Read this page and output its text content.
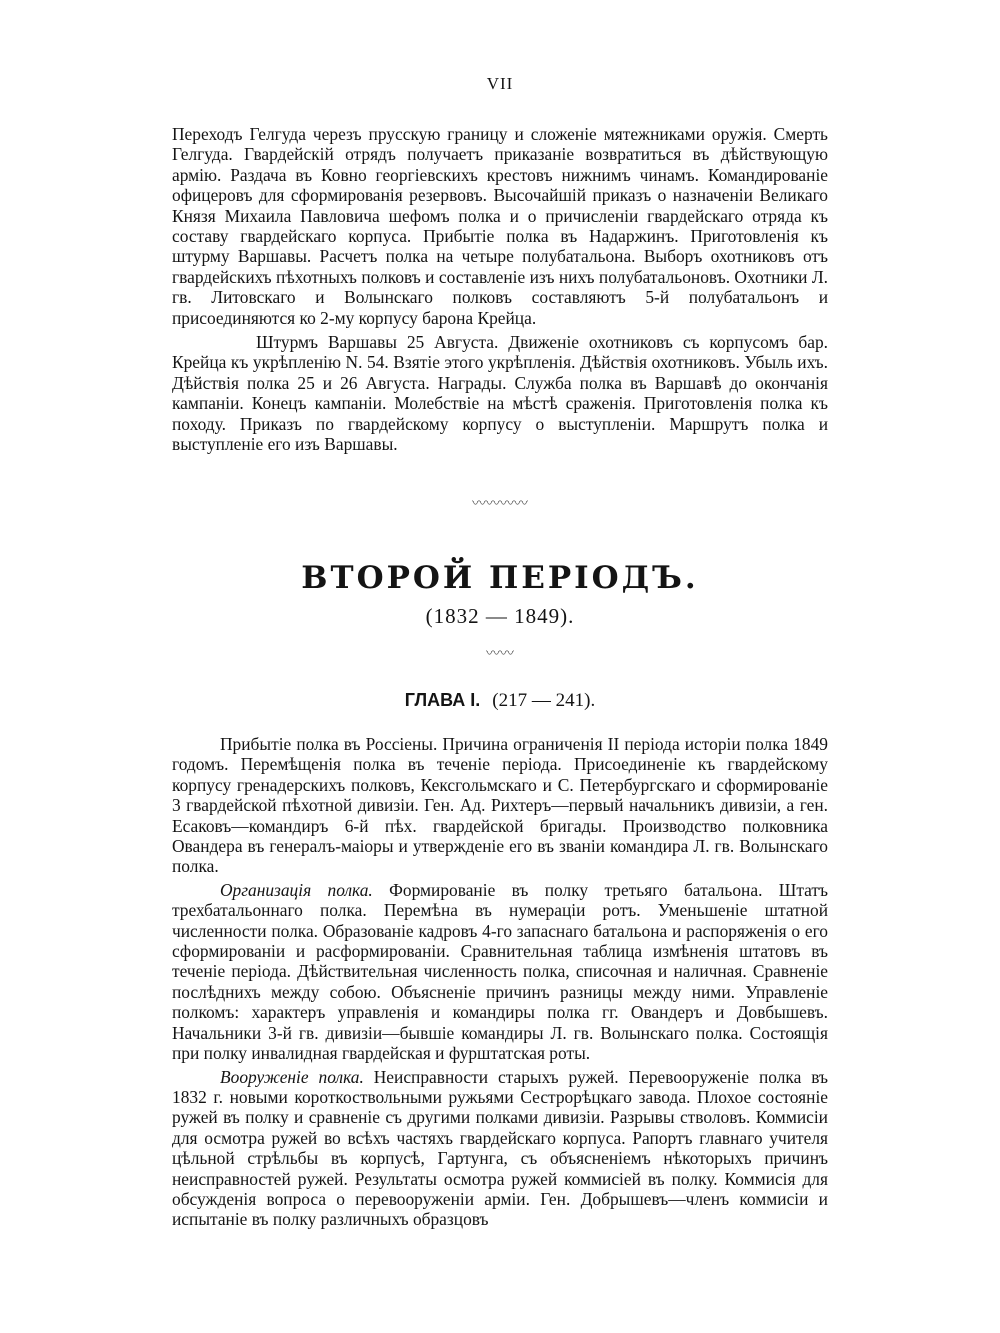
VII

Переходъ Гелгуда черезъ прусскую границу и сложеніе мятежниками оружія. Смерть Гелгуда. Гвардейскій отрядъ получаетъ приказаніе возвратиться въ дѣйствующую армію. Раздача въ Ковно георгіевскихъ крестовъ нижнимъ чинамъ. Командированіе офицеровъ для сформированія резервовъ. Высочайшій приказъ о назначеніи Великаго Князя Михаила Павловича шефомъ полка и о причисленіи гвардейскаго отряда къ составу гвардейскаго корпуса. Прибытіе полка въ Надаржинъ. Приготовленія къ штурму Варшавы. Расчетъ полка на четыре полубатальона. Выборъ охотниковъ отъ гвардейскихъ пѣхотныхъ полковъ и составленіе изъ нихъ полубатальоновъ. Охотники Л. гв. Литовскаго и Волынскаго полковъ составляютъ 5-й полубатальонъ и присоединяются ко 2-му корпусу барона Крейца.

Штурмъ Варшавы 25 Августа. Движеніе охотниковъ съ корпусомъ бар. Крейца къ укрѣпленію N. 54. Взятіе этого укрѣпленія. Дѣйствія охотниковъ. Убыль ихъ. Дѣйствія полка 25 и 26 Августа. Награды. Служба полка въ Варшавѣ до окончанія кампаніи. Конецъ кампаніи. Молебствіе на мѣстѣ сраженія. Приготовленія полка къ походу. Приказъ по гвардейскому корпусу о выступленіи. Маршрутъ полка и выступленіе его изъ Варшавы.

〰〰〰〰
ВТОРОЙ ПЕРІОДЪ.
(1832 — 1849).
〰〰
ГЛАВА I. (217 — 241).

Прибытіе полка въ Россіены. Причина ограниченія II періода исторіи полка 1849 годомъ. Перемѣщенія полка въ теченіе періода. Присоединеніе къ гвардейскому корпусу гренадерскихъ полковъ, Кексгольмскаго и С. Петербургскаго и сформированіе 3 гвардейской пѣхотной дивизіи. Ген. Ад. Рихтеръ—первый начальникъ дивизіи, а ген. Есаковъ—командиръ 6-й пѣх. гвардейской бригады. Производство полковника Овандера въ генералъ-маіоры и утвержденіе его въ званіи командира Л. гв. Волынскаго полка.

Организація полка. Формированіе въ полку третьяго батальона. Штатъ трехбатальоннаго полка. Перемѣна въ нумераціи ротъ. Уменьшеніе штатной численности полка. Образованіе кадровъ 4-го запаснаго батальона и распоряженія о его сформированіи и расформированіи. Сравнительная таблица измѣненія штатовъ въ теченіе періода. Дѣйствительная численность полка, списочная и наличная. Сравненіе послѣднихъ между собою. Объясненіе причинъ разницы между ними. Управленіе полкомъ: характеръ управленія и командиры полка гг. Овандеръ и Довбышевъ. Начальники 3-й гв. дивизіи—бывшіе командиры Л. гв. Волынскаго полка. Состоящія при полку инвалидная гвардейская и фурштатская роты.

Вооруженіе полка. Неисправности старыхъ ружей. Перевооруженіе полка въ 1832 г. новыми короткоствольными ружьями Сестрорѣцкаго завода. Плохое состояніе ружей въ полку и сравненіе съ другими полками дивизіи. Разрывы стволовъ. Коммисіи для осмотра ружей во всѣхъ частяхъ гвардейскаго корпуса. Рапортъ главнаго учителя цѣльной стрѣльбы въ корпусѣ, Гартунга, съ объясненіемъ нѣкоторыхъ причинъ неисправностей ружей. Результаты осмотра ружей коммисіей въ полку. Коммисія для обсужденія вопроса о перевооруженіи арміи. Ген. Добрышевъ—членъ коммисіи и испытаніе въ полку различныхъ образцовъ
